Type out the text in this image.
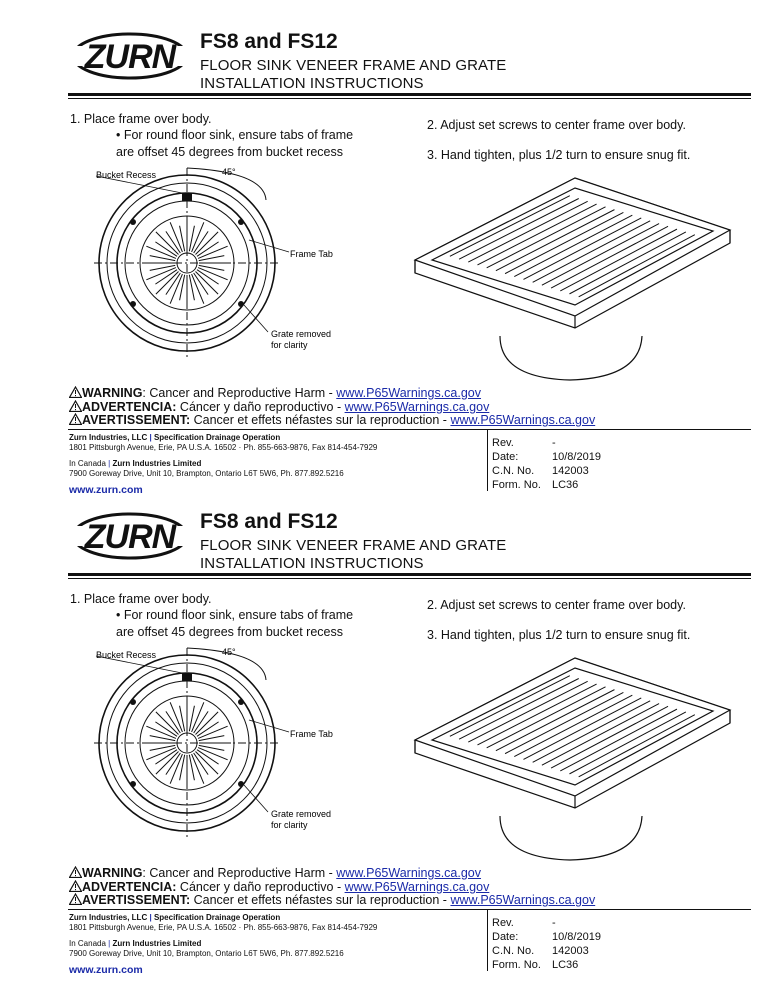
ZURN FS8 and FS12
FLOOR SINK VENEER FRAME AND GRATE
INSTALLATION INSTRUCTIONS
1. Place frame over body.
• For round floor sink, ensure tabs of frame
are offset 45 degrees from bucket recess
2. Adjust set screws to center frame over body.
3. Hand tighten, plus 1/2 turn to ensure snug fit.
Bucket Recess	45°
Frame Tab
Grate removed
for clarity
WARNING: Cancer and Reproductive Harm - www.P65Warnings.ca.gov
ADVERTENCIA: Cáncer y daño reproductivo - www.P65Warnings.ca.gov
AVERTISSEMENT: Cancer et effets néfastes sur la reproduction - www.P65Warnings.ca.gov
Zurn Industries, LLC | Specification Drainage Operation
1801 Pittsburgh Avenue, Erie, PA U.S.A. 16502 · Ph. 855-663-9876, Fax 814-454-7929
In Canada | Zurn Industries Limited
7900 Goreway Drive, Unit 10, Brampton, Ontario L6T 5W6, Ph. 877.892.5216
www.zurn.com
Rev.	-
Date:	10/8/2019
C.N. No. 142003
Form. No. LC36
ZURN FS8 and FS12
FLOOR SINK VENEER FRAME AND GRATE
INSTALLATION INSTRUCTIONS
1. Place frame over body.
• For round floor sink, ensure tabs of frame
are offset 45 degrees from bucket recess
2. Adjust set screws to center frame over body.
3. Hand tighten, plus 1/2 turn to ensure snug fit.
Bucket Recess	45°
Frame Tab
Grate removed
for clarity
WARNING: Cancer and Reproductive Harm - www.P65Warnings.ca.gov
ADVERTENCIA: Cáncer y daño reproductivo - www.P65Warnings.ca.gov
AVERTISSEMENT: Cancer et effets néfastes sur la reproduction - www.P65Warnings.ca.gov
Zurn Industries, LLC | Specification Drainage Operation
1801 Pittsburgh Avenue, Erie, PA U.S.A. 16502 · Ph. 855-663-9876, Fax 814-454-7929
In Canada | Zurn Industries Limited
7900 Goreway Drive, Unit 10, Brampton, Ontario L6T 5W6, Ph. 877.892.5216
www.zurn.com
Rev.	-
Date:	10/8/2019
C.N. No. 142003
Form. No. LC36
